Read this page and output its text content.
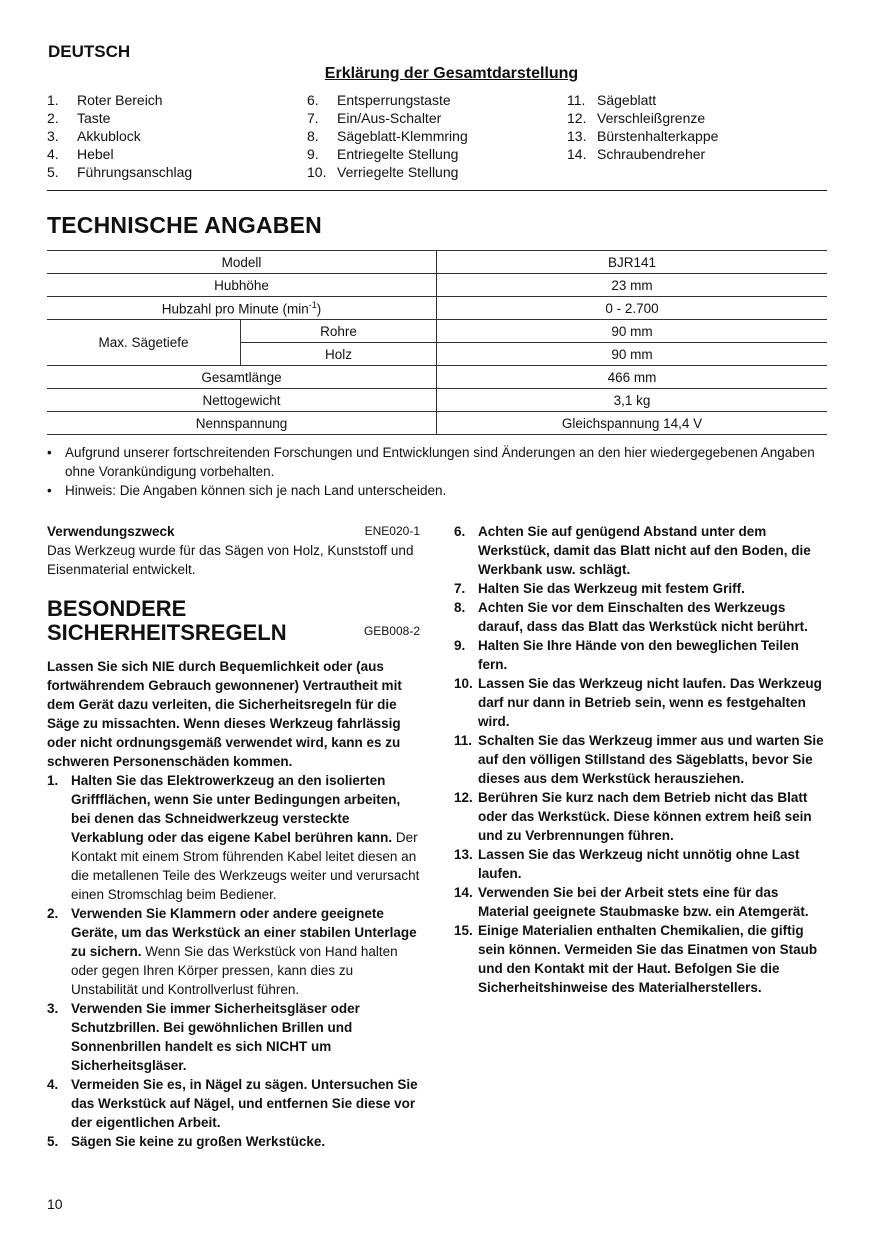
DEUTSCH
Erklärung der Gesamtdarstellung
1.	Roter Bereich
2.	Taste
3.	Akkublock
4.	Hebel
5.	Führungsanschlag
6.	Entsperrungstaste
7.	Ein/Aus-Schalter
8.	Sägeblatt-Klemmring
9.	Entriegelte Stellung
10. Verriegelte Stellung
11. Sägeblatt
12. Verschleißgrenze
13. Bürstenhalterkappe
14. Schraubendreher
TECHNISCHE ANGABEN
Modell		BJR141
Hubhöhe		23 mm
Hubzahl pro Minute $(\min^{-1})$		0 - 2.700
Max. Sägetiefe	Rohre	90 mm
	Holz	90 mm
Gesamtlänge		466 mm
Nettogewicht		3,1 kg
Nennspannung		Gleichspannung 14,4 V
• Aufgrund unserer fortschreitenden Forschungen und Entwicklungen sind Änderungen an den hier wiedergegebenen Angaben ohne Vorankündigung vorbehalten.
• Hinweis: Die Angaben können sich je nach Land unterscheiden.
Verwendungszweck	ENE020-1
Das Werkzeug wurde für das Sägen von Holz, Kunststoff und Eisenmaterial entwickelt.
BESONDERE
SICHERHEITSREGELN	GEB008-2
Lassen Sie sich NIE durch Bequemlichkeit oder (aus fortwährendem Gebrauch gewonnener) Vertrautheit mit dem Gerät dazu verleiten, die Sicherheitsregeln für die Säge zu missachten. Wenn dieses Werkzeug fahrlässig oder nicht ordnungsgemäß verwendet wird, kann es zu schweren Personenschäden kommen.
1. Halten Sie das Elektrowerkzeug an den isolierten Griffflächen, wenn Sie unter Bedingungen arbeiten, bei denen das Schneidwerkzeug versteckte Verkablung oder das eigene Kabel berühren kann. Der Kontakt mit einem Strom führenden Kabel leitet diesen an die metallenen Teile des Werkzeugs weiter und verursacht einen Stromschlag beim Bediener.
2. Verwenden Sie Klammern oder andere geeignete Geräte, um das Werkstück an einer stabilen Unterlage zu sichern. Wenn Sie das Werkstück von Hand halten oder gegen Ihren Körper pressen, kann dies zu Unstabilität und Kontrollverlust führen.
3. Verwenden Sie immer Sicherheitsgläser oder Schutzbrillen. Bei gewöhnlichen Brillen und Sonnenbrillen handelt es sich NICHT um Sicherheitsgläser.
4. Vermeiden Sie es, in Nägel zu sägen. Untersuchen Sie das Werkstück auf Nägel, und entfernen Sie diese vor der eigentlichen Arbeit.
5. Sägen Sie keine zu großen Werkstücke.
6. Achten Sie auf genügend Abstand unter dem Werkstück, damit das Blatt nicht auf den Boden, die Werkbank usw. schlägt.
7. Halten Sie das Werkzeug mit festem Griff.
8. Achten Sie vor dem Einschalten des Werkzeugs darauf, dass das Blatt das Werkstück nicht berührt.
9. Halten Sie Ihre Hände von den beweglichen Teilen fern.
10. Lassen Sie das Werkzeug nicht laufen. Das Werkzeug darf nur dann in Betrieb sein, wenn es festgehalten wird.
11. Schalten Sie das Werkzeug immer aus und warten Sie auf den völligen Stillstand des Sägeblatts, bevor Sie dieses aus dem Werkstück herausziehen.
12. Berühren Sie kurz nach dem Betrieb nicht das Blatt oder das Werkstück. Diese können extrem heiß sein und zu Verbrennungen führen.
13. Lassen Sie das Werkzeug nicht unnötig ohne Last laufen.
14. Verwenden Sie bei der Arbeit stets eine für das Material geeignete Staubmaske bzw. ein Atemgerät.
15. Einige Materialien enthalten Chemikalien, die giftig sein können. Vermeiden Sie das Einatmen von Staub und den Kontakt mit der Haut. Befolgen Sie die Sicherheitshinweise des Materialherstellers.
10
